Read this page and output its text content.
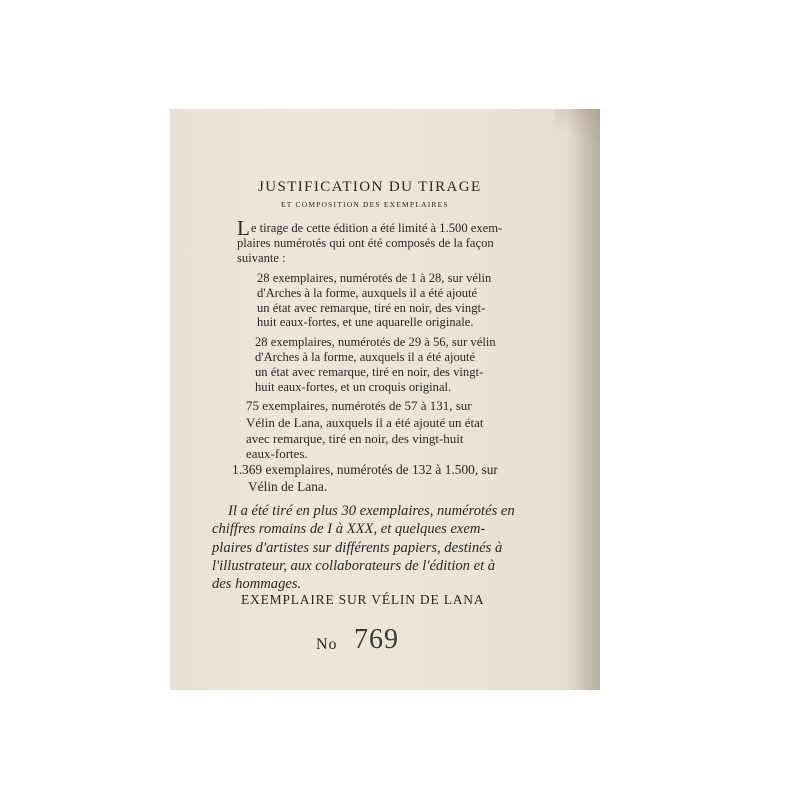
JUSTIFICATION DU TIRAGE
ET COMPOSITION DES EXEMPLAIRES
Le tirage de cette édition a été limité à 1.500 exem-
plaires numérotés qui ont été composés de la façon
suivante :
28 exemplaires, numérotés de 1 à 28, sur vélin
d'Arches à la forme, auxquels il a été ajouté
un état avec remarque, tiré en noir, des vingt-
huit eaux-fortes, et une aquarelle originale.
28 exemplaires, numérotés de 29 à 56, sur vélin
d'Arches à la forme, auxquels il a été ajouté
un état avec remarque, tiré en noir, des vingt-
huit eaux-fortes, et un croquis original.
75 exemplaires, numérotés de 57 à 131, sur
Vélin de Lana, auxquels il a été ajouté un état
avec remarque, tiré en noir, des vingt-huit
eaux-fortes.
1.369 exemplaires, numérotés de 132 à 1.500, sur
Vélin de Lana.
Il a été tiré en plus 30 exemplaires, numérotés en
chiffres romains de I à XXX, et quelques exem-
plaires d'artistes sur différents papiers, destinés à
l'illustrateur, aux collaborateurs de l'édition et à
des hommages.
EXEMPLAIRE SUR VÉLIN DE LANA
No 769
